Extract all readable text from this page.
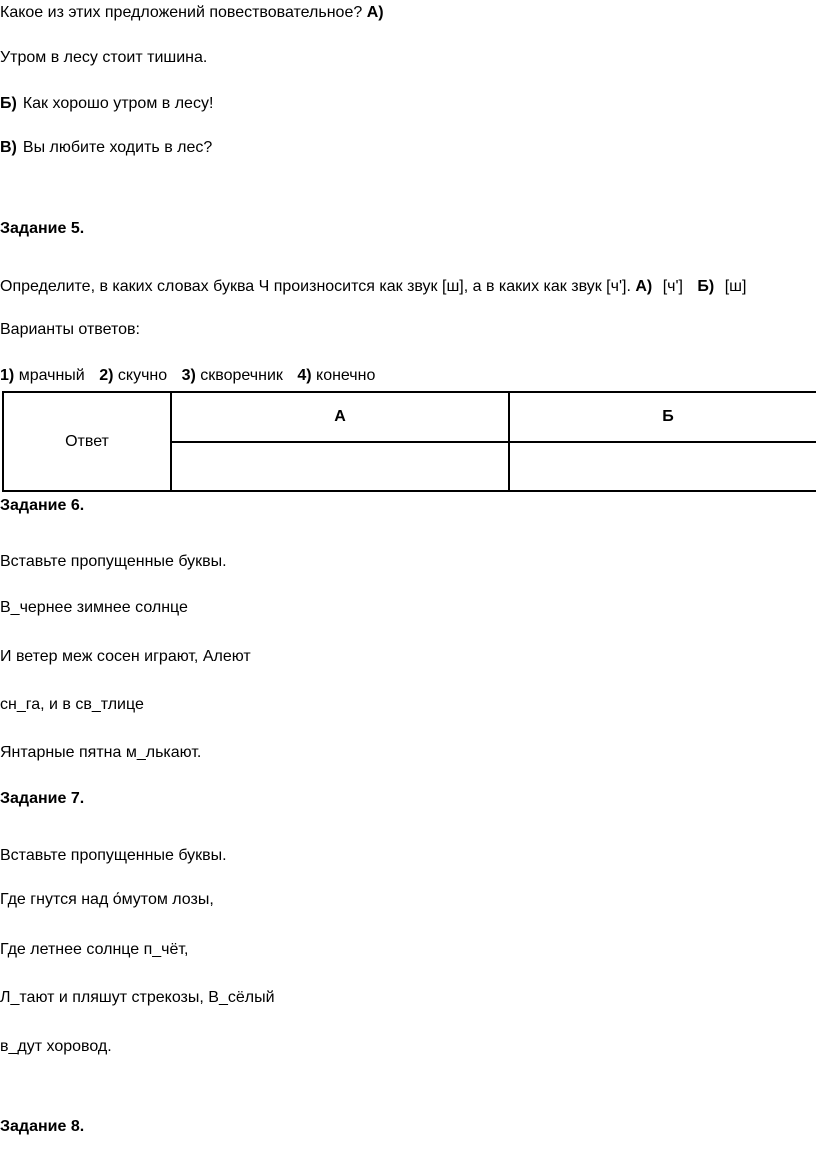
Какое из этих предложений повествовательное? А)
Утром в лесу стоит тишина.
Б) Как хорошо утром в лесу!
В) Вы любите ходить в лес?
Задание 5.
Определите, в каких словах буква Ч произносится как звук [ш], а в каких как звук [ч']. А) [ч'] Б) [ш]
Варианты ответов:
1) мрачный 2) скучно 3) скворечник 4) конечно
Ответ	А	Б

Задание 6.
Вставьте пропущенные буквы.
В_чернее зимнее солнце
И ветер меж сосен играют, Алеют
сн_га, и в св_тлице
Янтарные пятна м_лькают.
Задание 7.
Вставьте пропущенные буквы.
Где гнутся над о́мутом лозы,
Где летнее солнце п_чёт,
Л_тают и пляшут стрекозы, В_сёлый
в_дут хоровод.
Задание 8.
